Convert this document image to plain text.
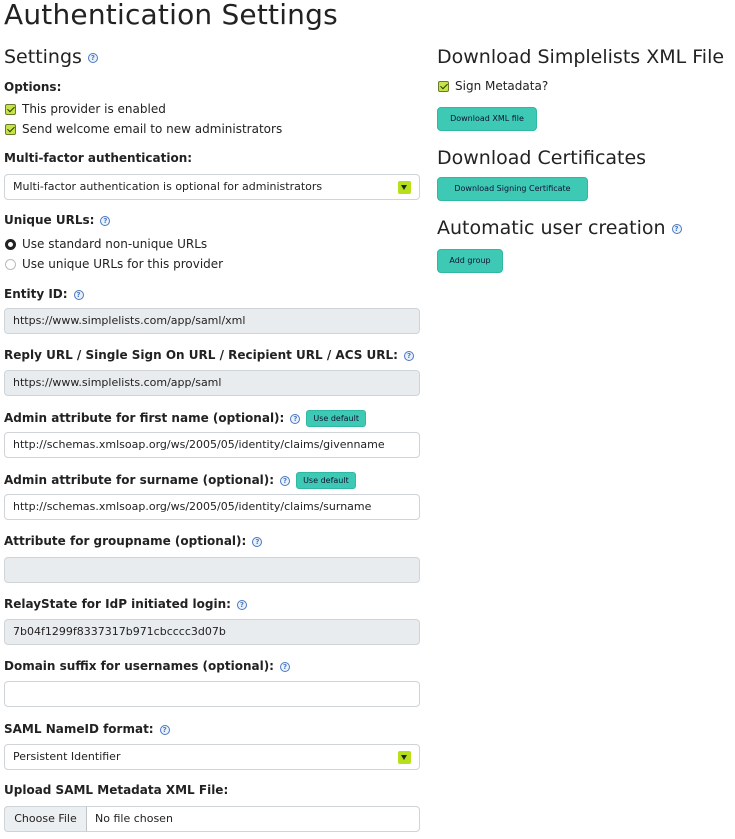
Authentication Settings
Settings ?
Options:
This provider is enabled
Send welcome email to new administrators
Multi-factor authentication:
Multi-factor authentication is optional for administrators
Unique URLs: ?
Use standard non-unique URLs
Use unique URLs for this provider
Entity ID: ?
https://www.simplelists.com/app/saml/xml
Reply URL / Single Sign On URL / Recipient URL / ACS URL: ?
https://www.simplelists.com/app/saml
Admin attribute for first name (optional): ? Use default
http://schemas.xmlsoap.org/ws/2005/05/identity/claims/givenname
Admin attribute for surname (optional): ? Use default
http://schemas.xmlsoap.org/ws/2005/05/identity/claims/surname
Attribute for groupname (optional): ?
RelayState for IdP initiated login: ?
7b04f1299f8337317b971cbcccc3d07b
Domain suffix for usernames (optional): ?
SAML NameID format: ?
Persistent Identifier
Upload SAML Metadata XML File:
No file chosen
Choose File
Download Simplelists XML File
Sign Metadata?
Download XML file
Download Certificates
Download Signing Certificate
Automatic user creation ?
Add group
